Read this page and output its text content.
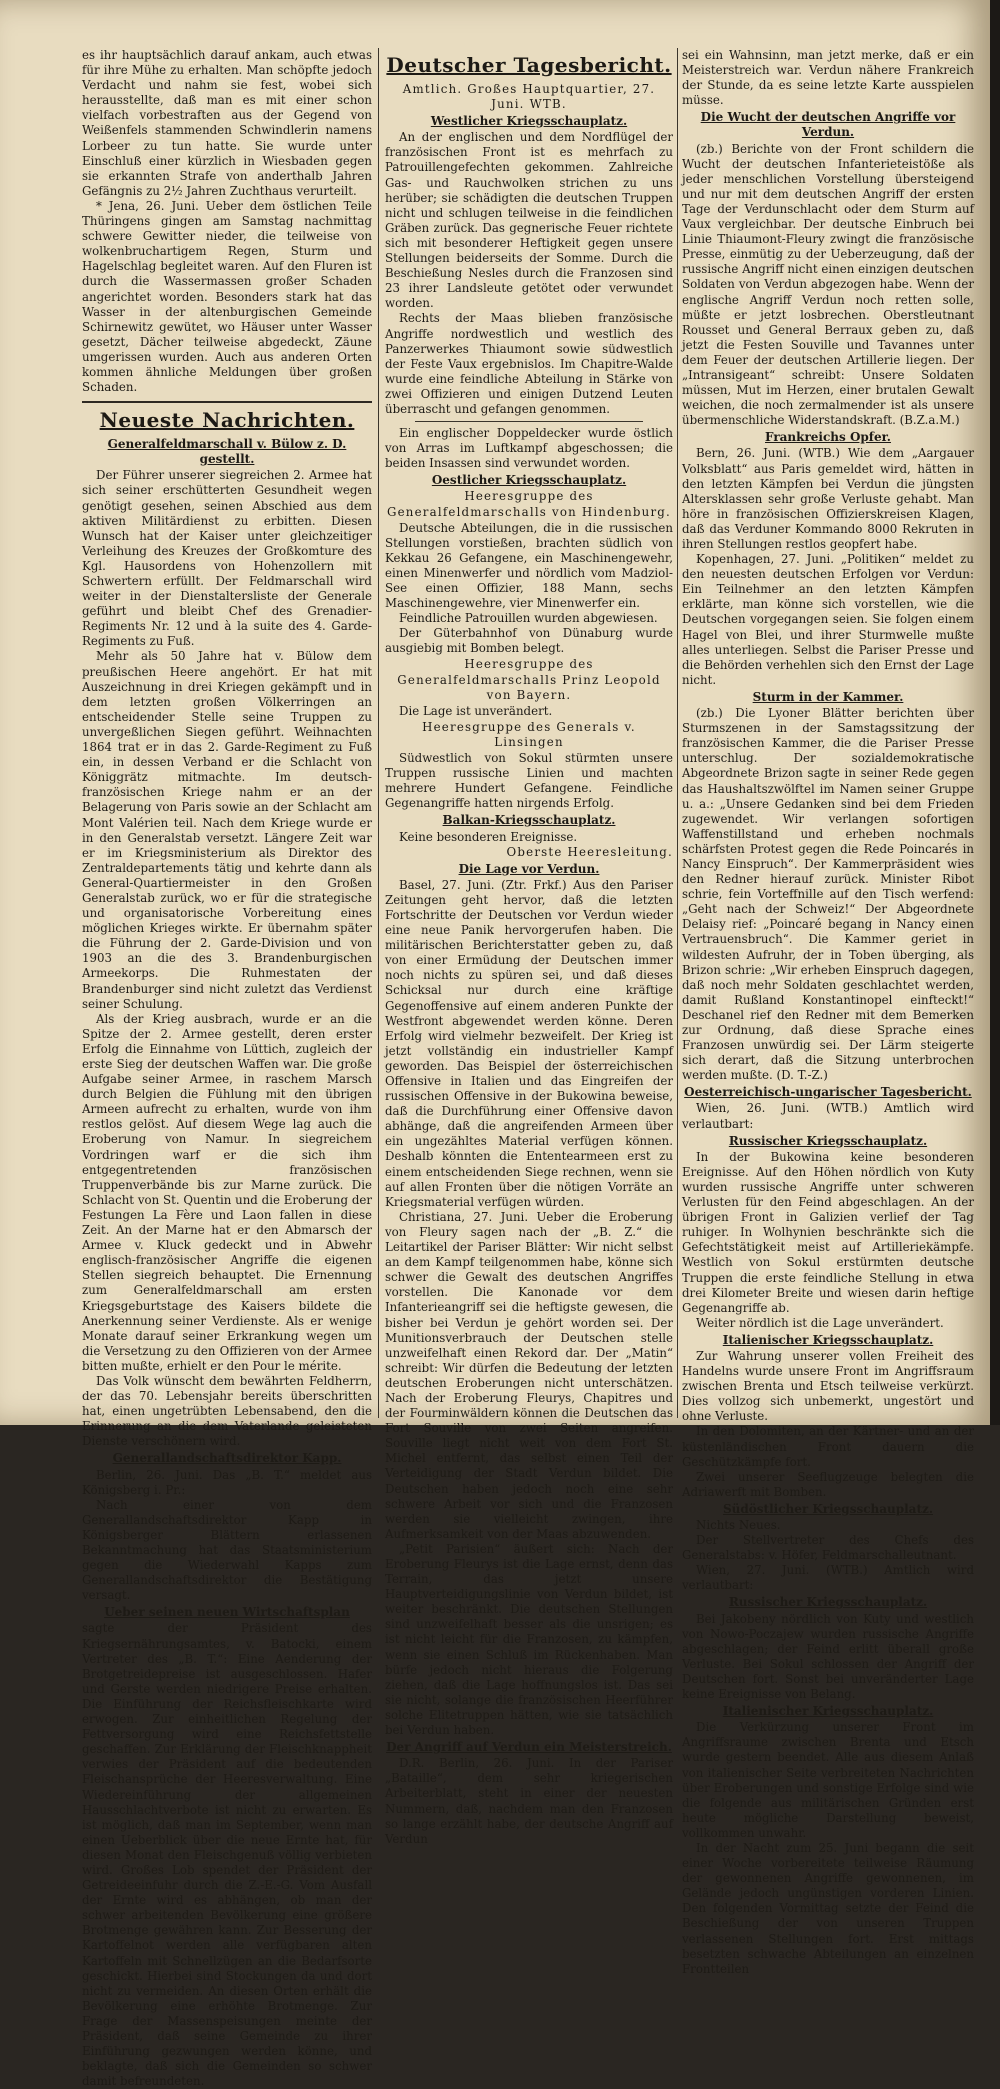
es ihr hauptsächlich darauf ankam, auch etwas für ihre Mühe zu erhalten. Man schöpfte jedoch Verdacht und nahm sie fest, wobei sich herausstellte, daß man es mit einer schon vielfach vorbestraften aus der Gegend von Weißenfels stammenden Schwindlerin namens Lorbeer zu tun hatte. Sie wurde unter Einschluß einer kürzlich in Wiesbaden gegen sie erkannten Strafe von anderthalb Jahren Gefängnis zu 2½ Jahren Zuchthaus verurteilt.

* Jena, 26. Juni. Ueber dem östlichen Teile Thüringens gingen am Samstag nachmittag schwere Gewitter nieder, die teilweise von wolkenbruchartigem Regen, Sturm und Hagelschlag begleitet waren. Auf den Fluren ist durch die Wassermassen großer Schaden angerichtet worden. Besonders stark hat das Wasser in der altenburgischen Gemeinde Schirnewitz gewütet, wo Häuser unter Wasser gesetzt, Dächer teilweise abgedeckt, Zäune umgerissen wurden. Auch aus anderen Orten kommen ähnliche Meldungen über großen Schaden.

Neueste Nachrichten.
Generalfeldmarschall v. Bülow z. D. gestellt.

Der Führer unserer siegreichen 2. Armee hat sich seiner erschütterten Gesundheit wegen genötigt gesehen, seinen Abschied aus dem aktiven Militärdienst zu erbitten. Diesen Wunsch hat der Kaiser unter gleichzeitiger Verleihung des Kreuzes der Großkomture des Kgl. Hausordens von Hohenzollern mit Schwertern erfüllt. Der Feldmarschall wird weiter in der Dienstaltersliste der Generale geführt und bleibt Chef des Grenadier-Regiments Nr. 12 und à la suite des 4. Garde-Regiments zu Fuß.

Mehr als 50 Jahre hat v. Bülow dem preußischen Heere angehört. Er hat mit Auszeichnung in drei Kriegen gekämpft und in dem letzten großen Völkerringen an entscheidender Stelle seine Truppen zu unvergeßlichen Siegen geführt. Weihnachten 1864 trat er in das 2. Garde-Regiment zu Fuß ein, in dessen Verband er die Schlacht von Königgrätz mitmachte. Im deutsch-französischen Kriege nahm er an der Belagerung von Paris sowie an der Schlacht am Mont Valérien teil. Nach dem Kriege wurde er in den Generalstab versetzt. Längere Zeit war er im Kriegsministerium als Direktor des Zentraldepartements tätig und kehrte dann als General-Quartiermeister in den Großen Generalstab zurück, wo er für die strategische und organisatorische Vorbereitung eines möglichen Krieges wirkte. Er übernahm später die Führung der 2. Garde-Division und von 1903 an die des 3. Brandenburgischen Armeekorps. Die Ruhmestaten der Brandenburger sind nicht zuletzt das Verdienst seiner Schulung.

Als der Krieg ausbrach, wurde er an die Spitze der 2. Armee gestellt, deren erster Erfolg die Einnahme von Lüttich, zugleich der erste Sieg der deutschen Waffen war. Die große Aufgabe seiner Armee, in raschem Marsch durch Belgien die Fühlung mit den übrigen Armeen aufrecht zu erhalten, wurde von ihm restlos gelöst. Auf diesem Wege lag auch die Eroberung von Namur. In siegreichem Vordringen warf er die sich ihm entgegentretenden französischen Truppenverbände bis zur Marne zurück. Die Schlacht von St. Quentin und die Eroberung der Festungen La Fère und Laon fallen in diese Zeit. An der Marne hat er den Abmarsch der Armee v. Kluck gedeckt und in Abwehr englisch-französischer Angriffe die eigenen Stellen siegreich behauptet. Die Ernennung zum Generalfeldmarschall am ersten Kriegsgeburtstage des Kaisers bildete die Anerkennung seiner Verdienste. Als er wenige Monate darauf seiner Erkrankung wegen um die Versetzung zu den Offizieren von der Armee bitten mußte, erhielt er den Pour le mérite.

Das Volk wünscht dem bewährten Feldherrn, der das 70. Lebensjahr bereits überschritten hat, einen ungetrübten Lebensabend, den die Erinnerung an die dem Vaterlande geleisteten Dienste verschönern wird.

Generallandschaftsdirektor Kapp.

Berlin, 26. Juni. Das „B. T.“ meldet aus Königsberg i. Pr.:

Nach einer von dem Generallandschaftsdirektor Kapp in Königsberger Blättern erlassenen Bekanntmachung hat das Staatsministerium gegen die Wiederwahl Kapps zum Generallandschaftsdirektor die Bestätigung versagt.

Ueber seinen neuen Wirtschaftsplan

sagte der Präsident des Kriegsernährungsamtes, v. Batocki, einem Vertreter des „B. T.“: Eine Aenderung der Brotgetreidepreise ist ausgeschlossen. Hafer und Gerste werden niedrigere Preise erhalten. Die Einführung der Reichsfleischkarte wird erwogen. Zur einheitlichen Regelung der Fettversorgung wird eine Reichsfettstelle geschaffen. Zur Erklärung der Fleischknappheit verwies der Präsident auf die bedeutenden Fleischansprüche der Heeresverwaltung. Eine Wiedereinführung der allgemeinen Hausschlachtverbote ist nicht zu erwarten. Es ist möglich, daß man im September, wenn man einen Ueberblick über die neue Ernte hat, für diesen Monat den Fleischgenuß völlig verbieten wird. Großes Lob spendet der Präsident der Getreideeinfuhr durch die Z.-E.-G. Vom Ausfall der Ernte wird es abhängen, ob man der schwer arbeitenden Bevölkerung eine größere Brotmenge gewähren kann. Zur Besserung der Kartoffelnot werden alle verfügbaren alten Kartoffeln mit Schnellzügen an die Bedarfsorte geschickt. Hierbei sind Stockungen da und dort nicht zu vermeiden. An diesen Orten erhält die Bevölkerung eine erhöhte Brotmenge. Zur Frage der Massenspeisungen meinte der Präsident, daß seine Gemeinde zu ihrer Einführung gezwungen werden könne, und beklagte, daß sich die Gemeinden so schwer damit befreundeten.

Deutscher Tagesbericht.
Amtlich. Großes Hauptquartier, 27. Juni. WTB.
Westlicher Kriegsschauplatz.

An der englischen und dem Nordflügel der französischen Front ist es mehrfach zu Patrouillengefechten gekommen. Zahlreiche Gas- und Rauchwolken strichen zu uns herüber; sie schädigten die deutschen Truppen nicht und schlugen teilweise in die feindlichen Gräben zurück. Das gegnerische Feuer richtete sich mit besonderer Heftigkeit gegen unsere Stellungen beiderseits der Somme. Durch die Beschießung Nesles durch die Franzosen sind 23 ihrer Landsleute getötet oder verwundet worden.

Rechts der Maas blieben französische Angriffe nordwestlich und westlich des Panzerwerkes Thiaumont sowie südwestlich der Feste Vaux ergebnislos. Im Chapitre-Walde wurde eine feindliche Abteilung in Stärke von zwei Offizieren und einigen Dutzend Leuten überrascht und gefangen genommen.

Ein englischer Doppeldecker wurde östlich von Arras im Luftkampf abgeschossen; die beiden Insassen sind verwundet worden.

Oestlicher Kriegsschauplatz.
Heeresgruppe des Generalfeldmarschalls von Hindenburg.

Deutsche Abteilungen, die in die russischen Stellungen vorstießen, brachten südlich von Kekkau 26 Gefangene, ein Maschinengewehr, einen Minenwerfer und nördlich vom Madziol-See einen Offizier, 188 Mann, sechs Maschinengewehre, vier Minenwerfer ein.

Feindliche Patrouillen wurden abgewiesen.

Der Güterbahnhof von Dünaburg wurde ausgiebig mit Bomben belegt.

Heeresgruppe des Generalfeldmarschalls Prinz Leopold von Bayern.

Die Lage ist unverändert.

Heeresgruppe des Generals v. Linsingen

Südwestlich von Sokul stürmten unsere Truppen russische Linien und machten mehrere Hundert Gefangene. Feindliche Gegenangriffe hatten nirgends Erfolg.

Balkan-Kriegsschauplatz.

Keine besonderen Ereignisse.

Oberste Heeresleitung.
Die Lage vor Verdun.

Basel, 27. Juni. (Ztr. Frkf.) Aus den Pariser Zeitungen geht hervor, daß die letzten Fortschritte der Deutschen vor Verdun wieder eine neue Panik hervorgerufen haben. Die militärischen Berichterstatter geben zu, daß von einer Ermüdung der Deutschen immer noch nichts zu spüren sei, und daß dieses Schicksal nur durch eine kräftige Gegenoffensive auf einem anderen Punkte der Westfront abgewendet werden könne. Deren Erfolg wird vielmehr bezweifelt. Der Krieg ist jetzt vollständig ein industrieller Kampf geworden. Das Beispiel der österreichischen Offensive in Italien und das Eingreifen der russischen Offensive in der Bukowina beweise, daß die Durchführung einer Offensive davon abhänge, daß die angreifenden Armeen über ein ungezähltes Material verfügen können. Deshalb könnten die Ententearmeen erst zu einem entscheidenden Siege rechnen, wenn sie auf allen Fronten über die nötigen Vorräte an Kriegsmaterial verfügen würden.

Christiana, 27. Juni. Ueber die Eroberung von Fleury sagen nach der „B. Z.“ die Leitartikel der Pariser Blätter: Wir nicht selbst an dem Kampf teilgenommen habe, könne sich schwer die Gewalt des deutschen Angriffes vorstellen. Die Kanonade vor dem Infanterieangriff sei die heftigste gewesen, die bisher bei Verdun je gehört worden sei. Der Munitionsverbrauch der Deutschen stelle unzweifelhaft einen Rekord dar. Der „Matin“ schreibt: Wir dürfen die Bedeutung der letzten deutschen Eroberungen nicht unterschätzen. Nach der Eroberung Fleurys, Chapitres und der Fourminwäldern können die Deutschen das Fort Souville von zwei Seiten angreifen. Souville liegt nicht weit von dem Fort St. Michel entfernt, das selbst einen Teil der Verteidigung der Stadt Verdun bildet. Die Deutschen haben jedoch noch eine sehr schwere Arbeit vor sich und die Franzosen werden sie vielleicht zwingen, ihre Aufmerksamkeit von der Maas abzuwenden.

„Petit Parisien“ äußert sich: Nach der Eroberung Fleurys ist die Lage ernst, denn das Terrain, das jetzt unsere Hauptverteidigungslinie von Verdun bildet, ist weiter beschränkt. Die deutschen Stellungen sind unzweifelhaft besser als die unsrigen; es ist nicht leicht für die Franzosen, zu kämpfen, wenn sie einen Schluß im Rückenhaben. Man bürfe jedoch nicht hieraus die Folgerung ziehen, daß die Lage hoffnungslos ist. Das sei sie nicht, solange die französischen Heerführer solche Elitetruppen hätten, wie sie tatsächlich bei Verdun haben.

Der Angriff auf Verdun ein Meisterstreich.

D.R. Berlin, 26. Juni. In der Pariser „Bataille“, dem sehr kriegerischen Arbeiterblatt, steht in einer der neuesten Nummern, daß, nachdem man den Franzosen so lange erzählt habe, der deutsche Angriff auf Verdun

sei ein Wahnsinn, man jetzt merke, daß er ein Meisterstreich war. Verdun nähere Frankreich der Stunde, da es seine letzte Karte ausspielen müsse.

Die Wucht der deutschen Angriffe vor Verdun.

(zb.) Berichte von der Front schildern die Wucht der deutschen Infanterieteistöße als jeder menschlichen Vorstellung übersteigend und nur mit dem deutschen Angriff der ersten Tage der Verdunschlacht oder dem Sturm auf Vaux vergleichbar. Der deutsche Einbruch bei Linie Thiaumont-Fleury zwingt die französische Presse, einmütig zu der Ueberzeugung, daß der russische Angriff nicht einen einzigen deutschen Soldaten von Verdun abgezogen habe. Wenn der englische Angriff Verdun noch retten solle, müßte er jetzt losbrechen. Oberstleutnant Rousset und General Berraux geben zu, daß jetzt die Festen Souville und Tavannes unter dem Feuer der deutschen Artillerie liegen. Der „Intransigeant“ schreibt: Unsere Soldaten müssen, Mut im Herzen, einer brutalen Gewalt weichen, die noch zermalmender ist als unsere übermenschliche Widerstandskraft. (B.Z.a.M.)

Frankreichs Opfer.

Bern, 26. Juni. (WTB.) Wie dem „Aargauer Volksblatt“ aus Paris gemeldet wird, hätten in den letzten Kämpfen bei Verdun die jüngsten Altersklassen sehr große Verluste gehabt. Man höre in französischen Offizierskreisen Klagen, daß das Verduner Kommando 8000 Rekruten in ihren Stellungen restlos geopfert habe.

Kopenhagen, 27. Juni. „Politiken“ meldet zu den neuesten deutschen Erfolgen vor Verdun: Ein Teilnehmer an den letzten Kämpfen erklärte, man könne sich vorstellen, wie die Deutschen vorgegangen seien. Sie folgen einem Hagel von Blei, und ihrer Sturmwelle mußte alles unterliegen. Selbst die Pariser Presse und die Behörden verhehlen sich den Ernst der Lage nicht.

Sturm in der Kammer.

(zb.) Die Lyoner Blätter berichten über Sturmszenen in der Samstagssitzung der französischen Kammer, die die Pariser Presse unterschlug. Der sozialdemokratische Abgeordnete Brizon sagte in seiner Rede gegen das Haushaltszwölftel im Namen seiner Gruppe u. a.: „Unsere Gedanken sind bei dem Frieden zugewendet. Wir verlangen sofortigen Waffenstillstand und erheben nochmals schärfsten Protest gegen die Rede Poincarés in Nancy Einspruch“. Der Kammerpräsident wies den Redner hierauf zurück. Minister Ribot schrie, fein Vorteffnille auf den Tisch werfend: „Geht nach der Schweiz!“ Der Abgeordnete Delaisy rief: „Poincaré begang in Nancy einen Vertrauensbruch“. Die Kammer geriet in wildesten Aufruhr, der in Toben überging, als Brizon schrie: „Wir erheben Einspruch dagegen, daß noch mehr Soldaten geschlachtet werden, damit Rußland Konstantinopel einfteckt!“ Deschanel rief den Redner mit dem Bemerken zur Ordnung, daß diese Sprache eines Franzosen unwürdig sei. Der Lärm steigerte sich derart, daß die Sitzung unterbrochen werden mußte. (D. T.-Z.)

Oesterreichisch-ungarischer Tagesbericht.

Wien, 26. Juni. (WTB.) Amtlich wird verlautbart:

Russischer Kriegsschauplatz.

In der Bukowina keine besonderen Ereignisse. Auf den Höhen nördlich von Kuty wurden russische Angriffe unter schweren Verlusten für den Feind abgeschlagen. An der übrigen Front in Galizien verlief der Tag ruhiger. In Wolhynien beschränkte sich die Gefechtstätigkeit meist auf Artilleriekämpfe. Westlich von Sokul erstürmten deutsche Truppen die erste feindliche Stellung in etwa drei Kilometer Breite und wiesen darin heftige Gegenangriffe ab.

Weiter nördlich ist die Lage unverändert.

Italienischer Kriegsschauplatz.

Zur Wahrung unserer vollen Freiheit des Handelns wurde unsere Front im Angriffsraum zwischen Brenta und Etsch teilweise verkürzt. Dies vollzog sich unbemerkt, ungestört und ohne Verluste.

In den Dolomiten, an der Kärtner- und an der küstenländischen Front dauern die Geschützkämpfe fort.

Zwei unserer Seeflugzeuge belegten die Adriawerft mit Bomben.

Südöstlicher Kriegsschauplatz.

Nichts Neues.

Der Stellvertreter des Chefs des Generalstabs: v. Höfer, Feldmarschalleutnant.

Wien, 27. Juni. (WTB.) Amtlich wird verlautbart:

Russischer Kriegsschauplatz.

Bei Jakobeny nördlich von Kuty und westlich von Nowo-Poczajew wurden russische Angriffe abgeschlagen; der Feind erlitt überall große Verluste. Bei Sokul schlossen der Angriff der Deutschen fort. Sonst bei unveränderter Lage keine Ereignisse von Belang.

Italienischer Kriegsschauplatz.

Die Verkürzung unserer Front im Angriffsraume zwischen Brenta und Etsch wurde gestern beendet. Alle aus diesem Anlaß von italienischer Seite verbreiteten Nachrichten über Eroberungen und sonstige Erfolge sind wie die folgende aus militärischen Gründen erst heute mögliche Darstellung beweist, vollkommen unwahr.

In der Nacht zum 25. Juni begann die seit einer Woche vorbereitete teilweise Räumung der gewonnenen Angriffe gewonnenen, im Gelände jedoch ungünstigen vorderen Linien. Den folgenden Vormittag setzte der Feind die Beschießung der von unseren Truppen verlassenen Stellungen fort. Erst mittags besetzten schwache Abteilungen an einzelnen Frontteilen
